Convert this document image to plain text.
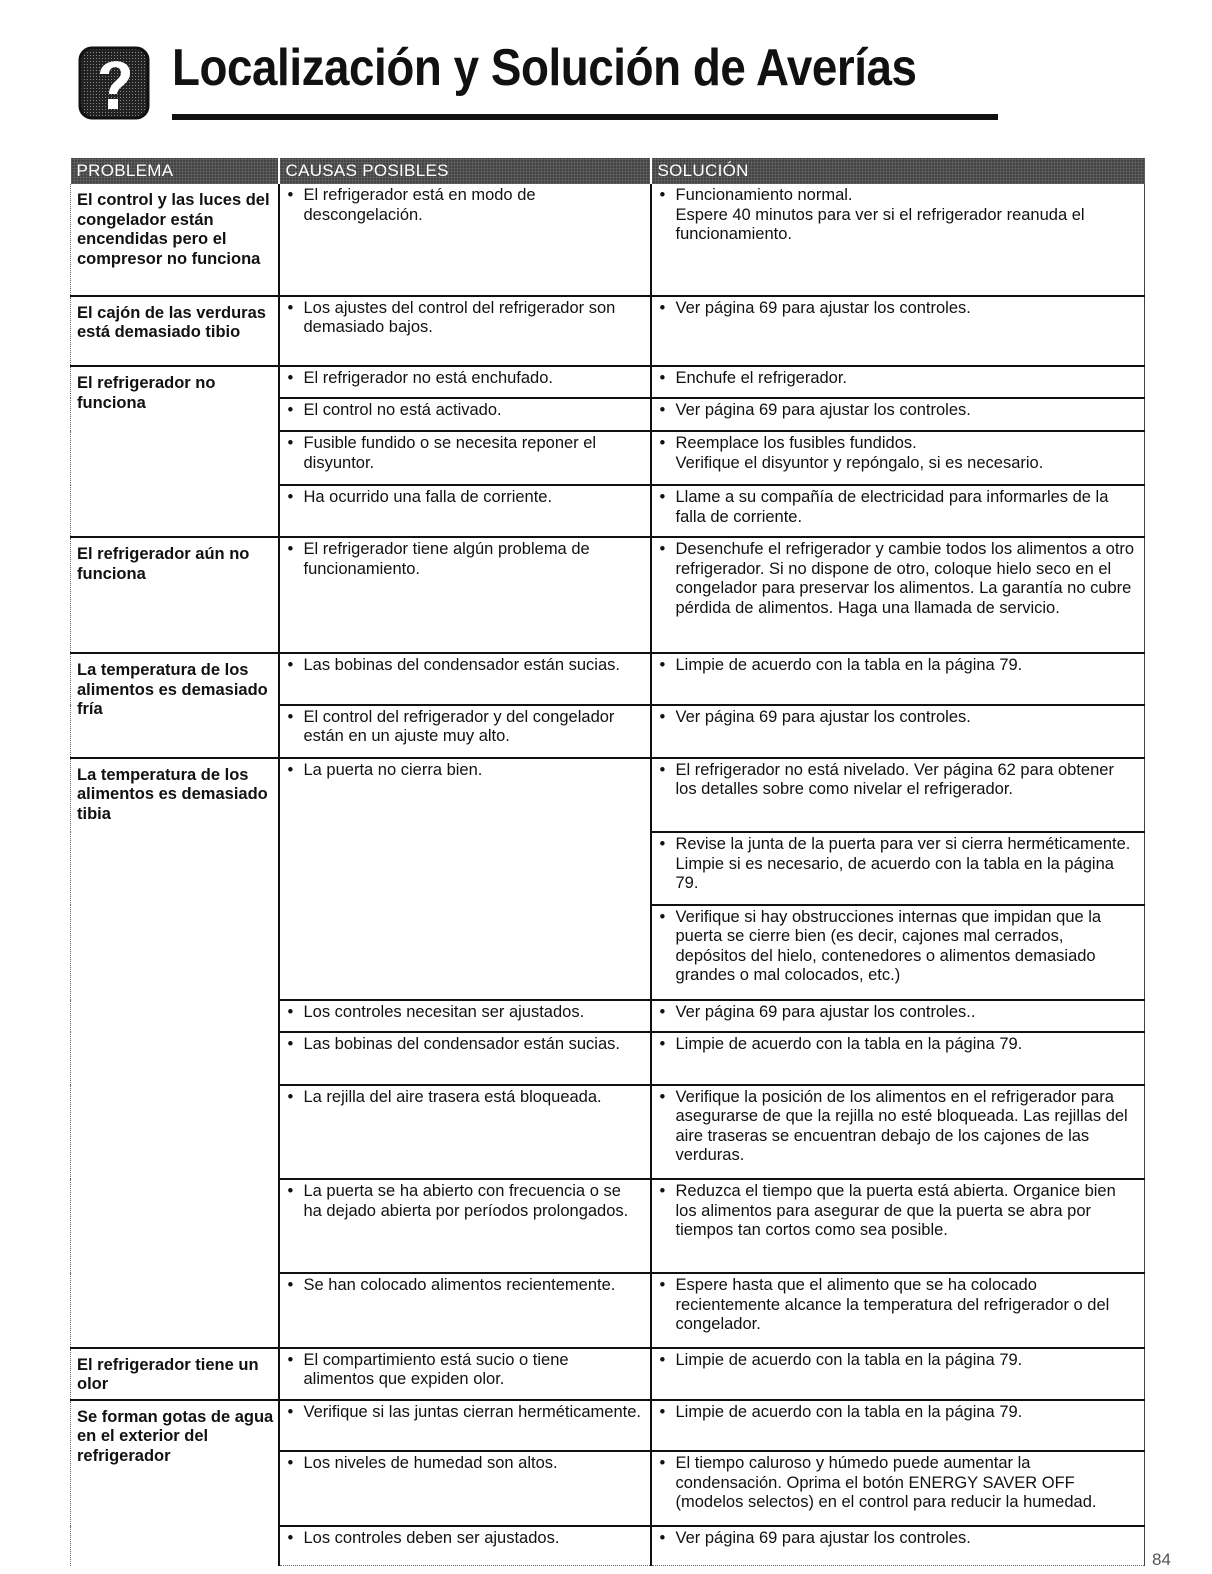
Localización y Solución de Averías
PROBLEMA	CAUSAS POSIBLES	SOLUCIÓN
El control y las luces del congelador están encendidas pero el compresor no funciona	• El refrigerador está en modo de descongelación.	• Funcionamiento normal.
Espere 40 minutos para ver si el refrigerador reanuda el funcionamiento.

El cajón de las verduras está demasiado tibio	• Los ajustes del control del refrigerador son demasiado bajos.	• Ver página 69 para ajustar los controles.

El refrigerador no funciona	• El refrigerador no está enchufado.	• Enchufe el refrigerador.

	• El control no está activado.	• Ver página 69 para ajustar los controles.

	• Fusible fundido o se necesita reponer el disyuntor.	• Reemplace los fusibles fundidos.
Verifique el disyuntor y repóngalo, si es necesario.

	• Ha ocurrido una falla de corriente.	• Llame a su compañía de electricidad para informarles de la falla de corriente.

El refrigerador aún no funciona	• El refrigerador tiene algún problema de funcionamiento.	• Desenchufe el refrigerador y cambie todos los alimentos a otro refrigerador. Si no dispone de otro, coloque hielo seco en el congelador para preservar los alimentos. La garantía no cubre pérdida de alimentos. Haga una llamada de servicio.

La temperatura de los alimentos es demasiado fría	• Las bobinas del condensador están sucias.	• Limpie de acuerdo con la tabla en la página 79.

	• El control del refrigerador y del congelador están en un ajuste muy alto.	• Ver página 69 para ajustar los controles.

La temperatura de los alimentos es demasiado tibia	• La puerta no cierra bien.	• El refrigerador no está nivelado. Ver página 62 para obtener los detalles sobre como nivelar el refrigerador.

		• Revise la junta de la puerta para ver si cierra herméticamente. Limpie si es necesario, de acuerdo con la tabla en la página 79.

		• Verifique si hay obstrucciones internas que impidan que la puerta se cierre bien (es decir, cajones mal cerrados, depósitos del hielo, contenedores o alimentos demasiado grandes o mal colocados, etc.)

	• Los controles necesitan ser ajustados.	• Ver página 69 para ajustar los controles..

	• Las bobinas del condensador están sucias.	• Limpie de acuerdo con la tabla en la página 79.

	• La rejilla del aire trasera está bloqueada.	• Verifique la posición de los alimentos en el refrigerador para asegurarse de que la rejilla no esté bloqueada. Las rejillas del aire traseras se encuentran debajo de los cajones de las verduras.

	• La puerta se ha abierto con frecuencia o se ha dejado abierta por períodos prolongados.	• Reduzca el tiempo que la puerta está abierta. Organice bien los alimentos para asegurar de que la puerta se abra por tiempos tan cortos como sea posible.

	• Se han colocado alimentos recientemente.	• Espere hasta que el alimento que se ha colocado recientemente alcance la temperatura del refrigerador o del congelador.

El refrigerador tiene un olor	• El compartimiento está sucio o tiene alimentos que expiden olor.	• Limpie de acuerdo con la tabla en la página 79.

Se forman gotas de agua en el exterior del refrigerador	• Verifique si las juntas cierran herméticamente.	• Limpie de acuerdo con la tabla en la página 79.

	• Los niveles de humedad son altos.	• El tiempo caluroso y húmedo puede aumentar la condensación. Oprima el botón ENERGY SAVER OFF (modelos selectos) en el control para reducir la humedad.

	• Los controles deben ser ajustados.	• Ver página 69 para ajustar los controles.
84
